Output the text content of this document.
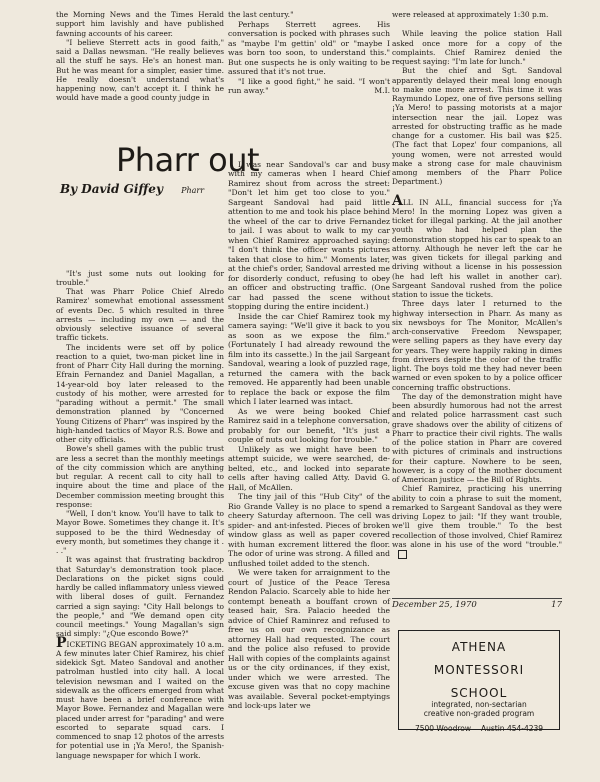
the Morning News and the Times Herald support him lavishly and have published fawning accounts of his career.

"I believe Sterrett acts in good faith," said a Dallas newsman. "He really believes all the stuff he says. He's an honest man. But he was meant for a simpler, easier time. He really doesn't understand what's happening now, can't accept it. I think he would have made a good county judge in

"It's just some nuts out looking for trouble."

That was Pharr Police Chief Alredo Ramirez' somewhat emotional assessment of events Dec. 5 which resulted in three arrests — including my own — and the obviously selective issuance of several traffic tickets.

The incidents were set off by police reaction to a quiet, two-man picket line in front of Pharr City Hall during the morning. Efrain Fernandez and Daniel Magallan, a 14-year-old boy later released to the custody of his mother, were arrested for "parading without a permit." The small demonstration planned by "Concerned Young Citizens of Pharr" was inspired by the high-handed tactics of Mayor R.S. Bowe and other city officials.

Bowe's shell games with the public trust are less a secret than the monthly meetings of the city commission which are anything but regular. A recent call to city hall to inquire about the time and place of the December commission meeting brought this response:

"Well, I don't know. You'll have to talk to Mayor Bowe. Sometimes they change it. It's supposed to be the third Wednesday of every month, but sometimes they change it . . ."

It was against that frustrating backdrop that Saturday's demonstration took place. Declarations on the picket signs could hardly be called inflammatory unless viewed with liberal doses of guilt. Fernandez carried a sign saying: "City Hall belongs to the people," and "We demand open city council meetings." Young Magallan's sign said simply: "¿Que escondo Bowe?"

PICKETING BEGAN approximately 10 a.m. A few minutes later Chief Ramirez, his chief sidekick Sgt. Mateo Sandoval and another patrolman hustled into city hall. A local television newsman and I waited on the sidewalk as the officers emerged from what must have been a brief conference with Mayor Bowe. Fernandez and Magallan were placed under arrest for "parading" and were escorted to separate squad cars. I commenced to snap 12 photos of the arrests for potential use in ¡Ya Mero!, the Spanish-language newspaper for which I work.

Pharr out
By David Giffey Pharr

the last century."

Perhaps Sterrett agrees. His conversation is pocked with phrases such as "maybe I'm gettin' old" or "maybe I was born too soon, to understand this." But one suspects he is only waiting to be assured that it's not true.

"I like a good fight," he said. "I won't run away."	M.I.

I was near Sandoval's car and busy with my cameras when I heard Chief Ramirez shout from across the street: "Don't let him get too close to you." Sargeant Sandoval had paid little attention to me and took his place behind the wheel of the car to drive Fernandez to jail. I was about to walk to my car when Chief Ramirez approached saying: "I don't think the officer wants pictures taken that close to him." Moments later, at the chief's order, Sandoval arrested me for disorderly conduct, refusing to obey an officer and obstructing traffic. (One car had passed the scene without stopping during the entire incident.)

Inside the car Chief Ramirez took my camera saying: "We'll give it back to you as soon as we expose the film." (Fortunately I had already rewound the film into its cassette.) In the jail Sargeant Sandoval, wearing a look of puzzled rage, returned the camera with the back removed. He apparently had been unable to replace the back or expose the film which I later learned was intact.

As we were being booked Chief Ramirez said in a telephone conversation, probably for our benefit, "It's just a couple of nuts out looking for trouble."

Unlikely as we might have been to attempt suicide, we were searched, de-belted, etc., and locked into separate cells after having called Atty. David G. Hall, of McAllen.

The tiny jail of this "Hub City" of the Rio Grande Valley is no place to spend a cheery Saturday afternoon. The cell was spider- and ant-infested. Pieces of broken window glass as well as paper covered with human excrement littered the floor. The odor of urine was strong. A filled and unflushed toilet added to the stench.

We were taken for arraignment to the court of Justice of the Peace Teresa Rendon Palacio. Scarcely able to hide her contempt beneath a bouffant crown of teased hair, Sra. Palacio heeded the advice of Chief Raminrez and refused to free us on our own recognizance as attorney Hall had requested. The court and the police also refused to provide Hall with copies of the complaints against us or the city ordinances, if they exist, under which we were arrested. The excuse given was that no copy machine was available. Several pocket-emptyings and lock-ups later we

were released at approximately 1:30 p.m.

While leaving the police station Hall asked once more for a copy of the complaints. Chief Ramirez denied the request saying: "I'm late for lunch."

But the chief and Sgt. Sandoval apparently delayed their meal long enough to make one more arrest. This time it was Raymundo Lopez, one of five persons selling ¡Ya Mero! to passing motorists at a major intersection near the jail. Lopez was arrested for obstructing traffic as he made change for a customer. His bail was $25. (The fact that Lopez' four companions, all young women, were not arrested would make a strong case for male chauvinism among members of the Pharr Police Department.)

ALL IN ALL, financial success for ¡Ya Mero! In the morning Lopez was given a ticket for illegal parking. At the jail another youth who had helped plan the demonstration stopped his car to speak to an attorny. Although he never left the car he was given tickets for illegal parking and driving without a license in his possession (he had left his wallet in another car). Sargeant Sandoval rushed from the police station to issue the tickets.

Three days later I returned to the highway intersection in Pharr. As many as six newsboys for The Monitor, McAllen's arch-conservative Freedom Newspaper, were selling papers as they have every day for years. They were happily raking in dimes from drivers despite the color of the traffic light. The boys told me they had never been warned or even spoken to by a police officer concerning traffic obstructions.

The day of the demonstration might have been absurdly humorous had not the arrest and related police harrassment cast such grave shadows over the ability of citizens of Pharr to practice their civil rights. The walls of the police station in Pharr are covered with pictures of criminals and instructions for their capture. Nowhere to be seen, however, is a copy of the mother document of American justice — the Bill of Rights.

Chief Ramirez, practicing his unerring ability to coin a phrase to suit the moment, remarked to Sargeant Sandoval as they were driving Lopez to jail: "If they want trouble, we'll give them trouble." To the best recollection of those involved, Chief Ramirez was alone in his use of the word "trouble."

December 25, 1970	17
ATHENA
MONTESSORI
SCHOOL
integrated, non-sectarian
creative non-graded program
7500 Woodrow Austin 454-4239
